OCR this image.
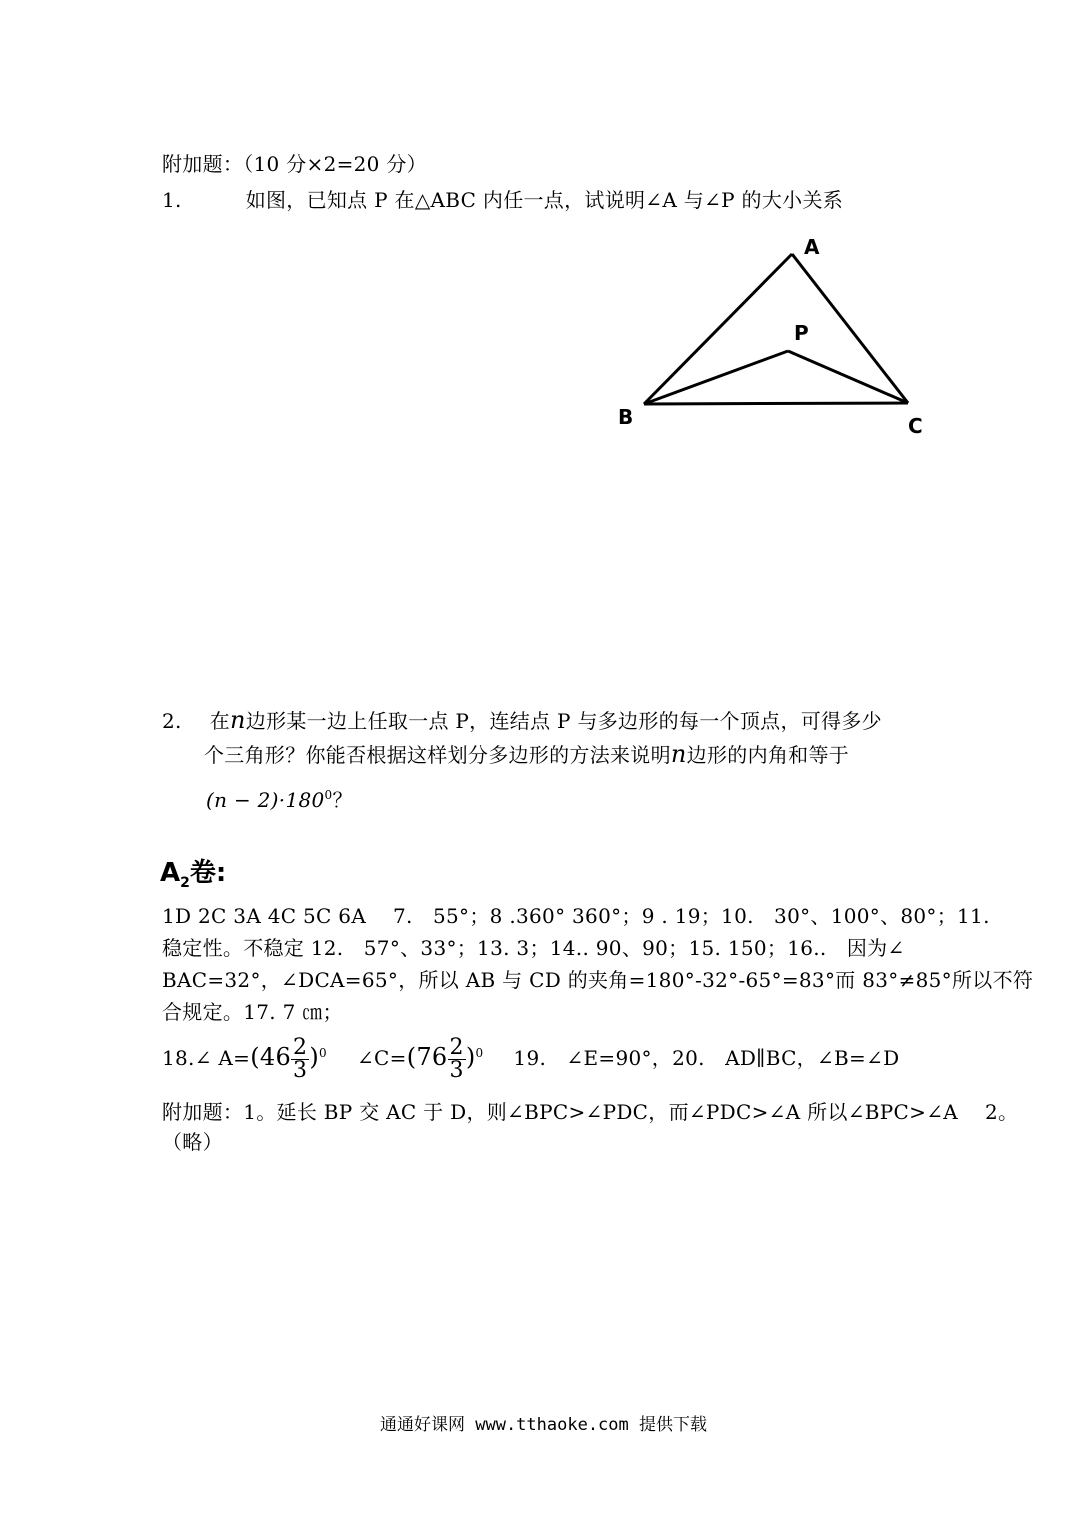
附加题：（10 分×2=20 分）
1.	如图，已知点 P 在△ABC 内任一点，试说明∠A 与∠P 的大小关系
A
P
B	C
2. 在n边形某一边上任取一点 P，连结点 P 与多边形的每一个顶点，可得多少
个三角形？你能否根据这样划分多边形的方法来说明n边形的内角和等于
$(n - 2)\cdot 180^0$？
$A_2$卷:
1D 2C 3A 4C 5C 6A　 7.　55°；8 .360° 360°；9 . 19；10.　30°、100°、80°；11.
稳定性。不稳定 12.　57°、33°；13. 3；14.. 90、90；15. 150；16..　因为∠
BAC=32°，∠DCA=65°，所以 AB 与 CD 的夹角=180°-32°-65°=83°而 83°≠85°所以不符
合规定。17. 7 ㎝；
18.∠ $A=(46 \frac{2}{3} )^0$ ∠C=(76 $\frac{2}{3} )^0$ 19.　∠E=90°，20.　AD∥BC，∠B=∠D
附加题：1。延长 BP 交 AC 于 D，则∠BPC>∠PDC，而∠PDC>∠A 所以∠BPC>∠A　 2。
（略）
通通好课网 www.tthaoke.com 提供下载
